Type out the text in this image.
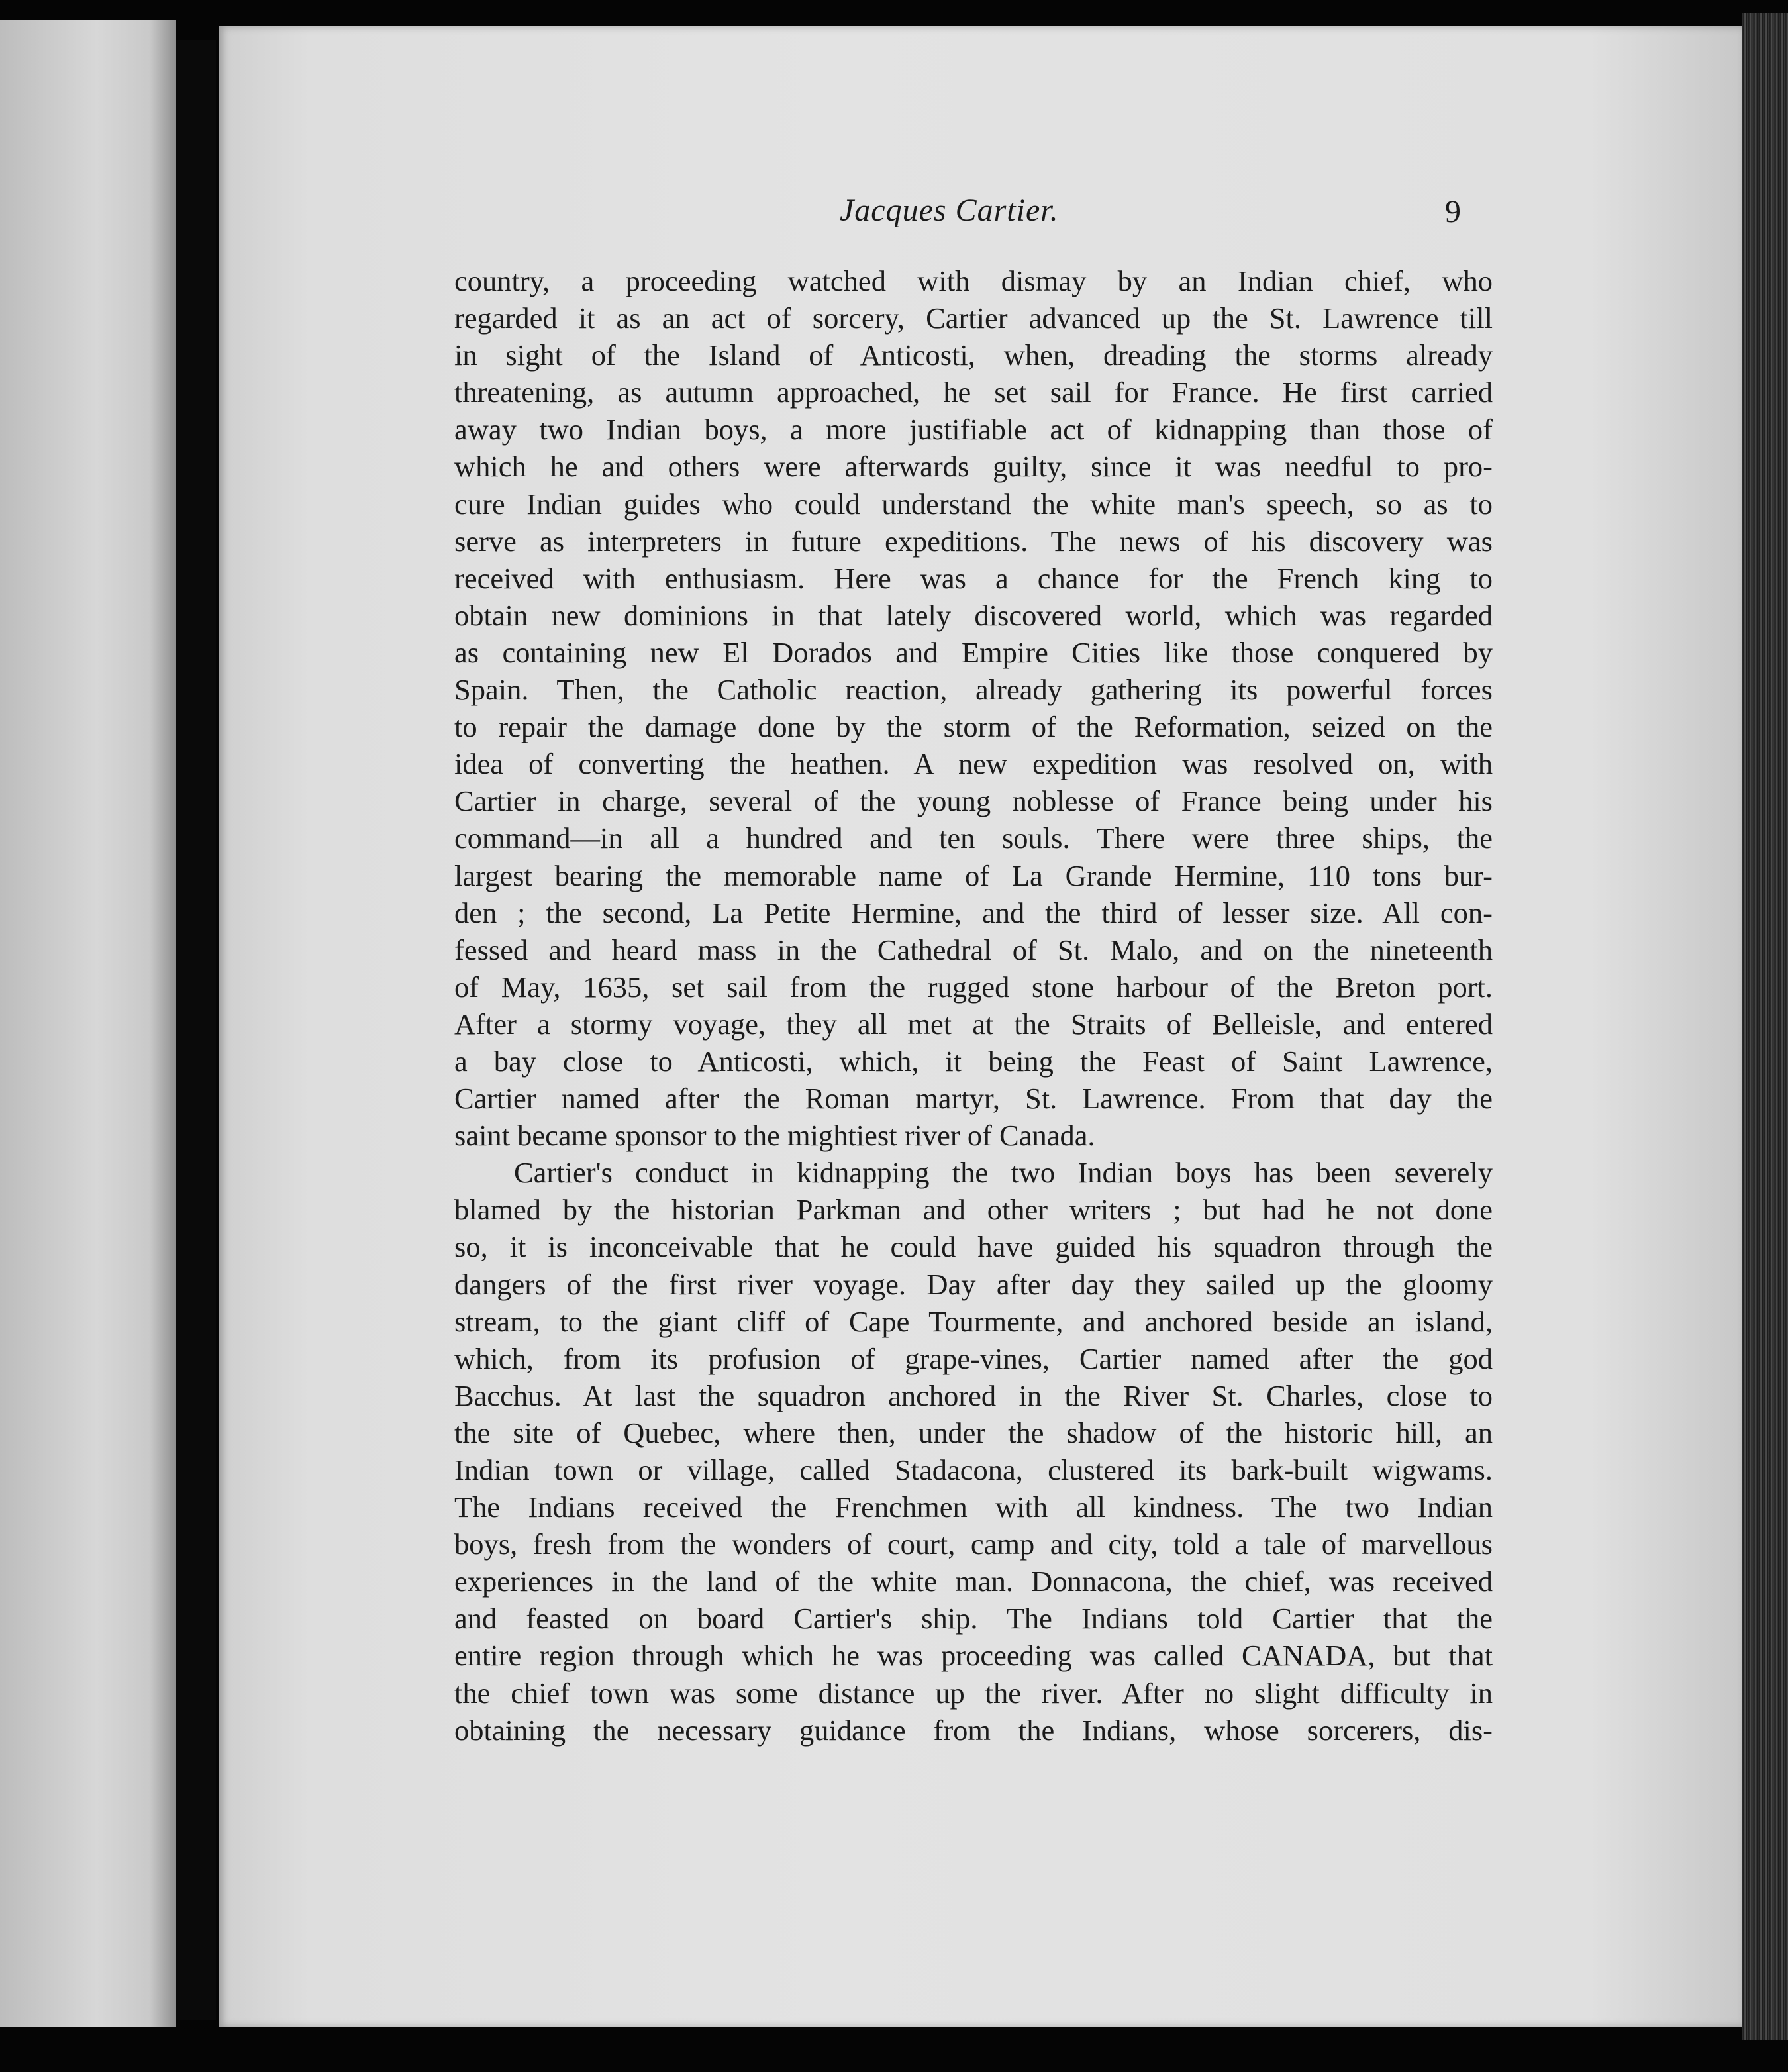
Jacques Cartier.	9
country, a proceeding watched with dismay by an Indian chief, who
regarded it as an act of sorcery, Cartier advanced up the St. Lawrence till
in sight of the Island of Anticosti, when, dreading the storms already
threatening, as autumn approached, he set sail for France. He first carried
away two Indian boys, a more justifiable act of kidnapping than those of
which he and others were afterwards guilty, since it was needful to pro-
cure Indian guides who could understand the white man's speech, so as to
serve as interpreters in future expeditions. The news of his discovery was
received with enthusiasm. Here was a chance for the French king to
obtain new dominions in that lately discovered world, which was regarded
as containing new El Dorados and Empire Cities like those conquered by
Spain. Then, the Catholic reaction, already gathering its powerful forces
to repair the damage done by the storm of the Reformation, seized on the
idea of converting the heathen. A new expedition was resolved on, with
Cartier in charge, several of the young noblesse of France being under his
command—in all a hundred and ten souls. There were three ships, the
largest bearing the memorable name of La Grande Hermine, 110 tons bur-
den ; the second, La Petite Hermine, and the third of lesser size. All con-
fessed and heard mass in the Cathedral of St. Malo, and on the nineteenth
of May, 1635, set sail from the rugged stone harbour of the Breton port.
After a stormy voyage, they all met at the Straits of Belleisle, and entered
a bay close to Anticosti, which, it being the Feast of Saint Lawrence,
Cartier named after the Roman martyr, St. Lawrence. From that day the
saint became sponsor to the mightiest river of Canada.
Cartier's conduct in kidnapping the two Indian boys has been severely
blamed by the historian Parkman and other writers ; but had he not done
so, it is inconceivable that he could have guided his squadron through the
dangers of the first river voyage. Day after day they sailed up the gloomy
stream, to the giant cliff of Cape Tourmente, and anchored beside an island,
which, from its profusion of grape-vines, Cartier named after the god
Bacchus. At last the squadron anchored in the River St. Charles, close to
the site of Quebec, where then, under the shadow of the historic hill, an
Indian town or village, called Stadacona, clustered its bark-built wigwams.
The Indians received the Frenchmen with all kindness. The two Indian
boys, fresh from the wonders of court, camp and city, told a tale of marvellous
experiences in the land of the white man. Donnacona, the chief, was received
and feasted on board Cartier's ship. The Indians told Cartier that the
entire region through which he was proceeding was called CANADA, but that
the chief town was some distance up the river. After no slight difficulty in
obtaining the necessary guidance from the Indians, whose sorcerers, dis-
